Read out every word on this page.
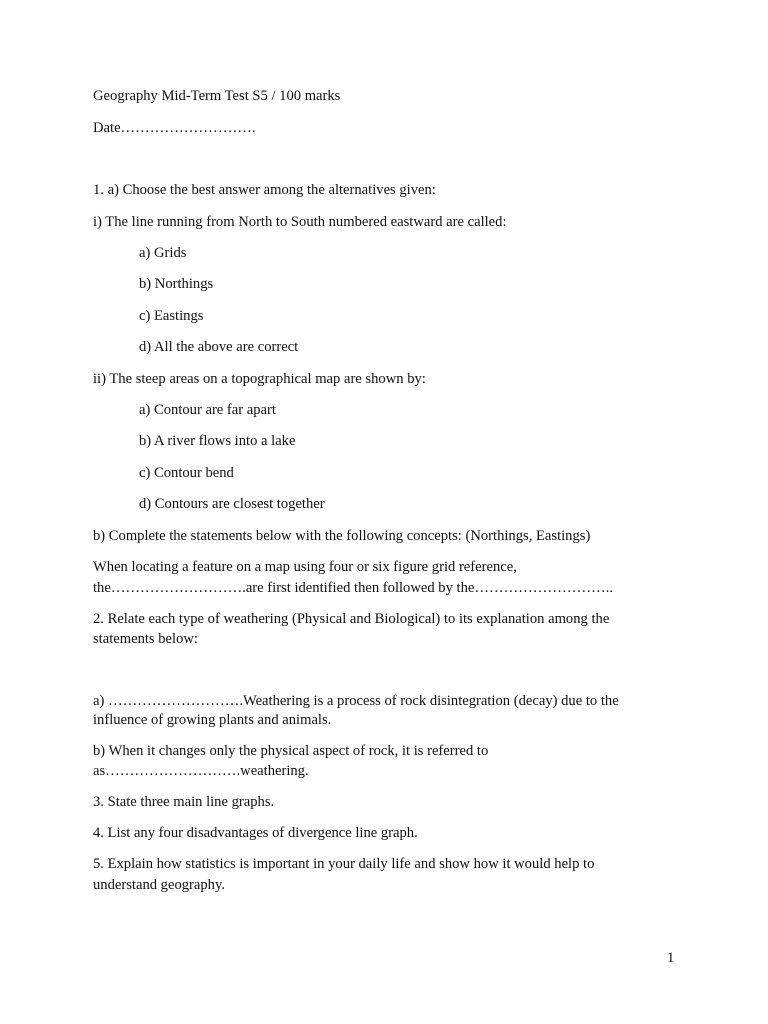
Geography Mid-Term Test S5 / 100 marks
Date……………………….
1. a) Choose the best answer among the alternatives given:
i) The line running from North to South numbered eastward are called:
a) Grids
b) Northings
c) Eastings
d) All the above are correct
ii) The steep areas on a topographical map are shown by:
a) Contour are far apart
b) A river flows into a lake
c) Contour bend
d) Contours are closest together
b) Complete the statements below with the following concepts: (Northings, Eastings)
When locating a feature on a map using four or six figure grid reference,
the……………………….are first identified then followed by the………………………..
2. Relate each type of weathering (Physical and Biological) to its explanation among the
statements below:
a) ……………………….Weathering is a process of rock disintegration (decay) due to the
influence of growing plants and animals.
b) When it changes only the physical aspect of rock, it is referred to
as……………………….weathering.
3. State three main line graphs.
4. List any four disadvantages of divergence line graph.
5. Explain how statistics is important in your daily life and show how it would help to
understand geography.
1
